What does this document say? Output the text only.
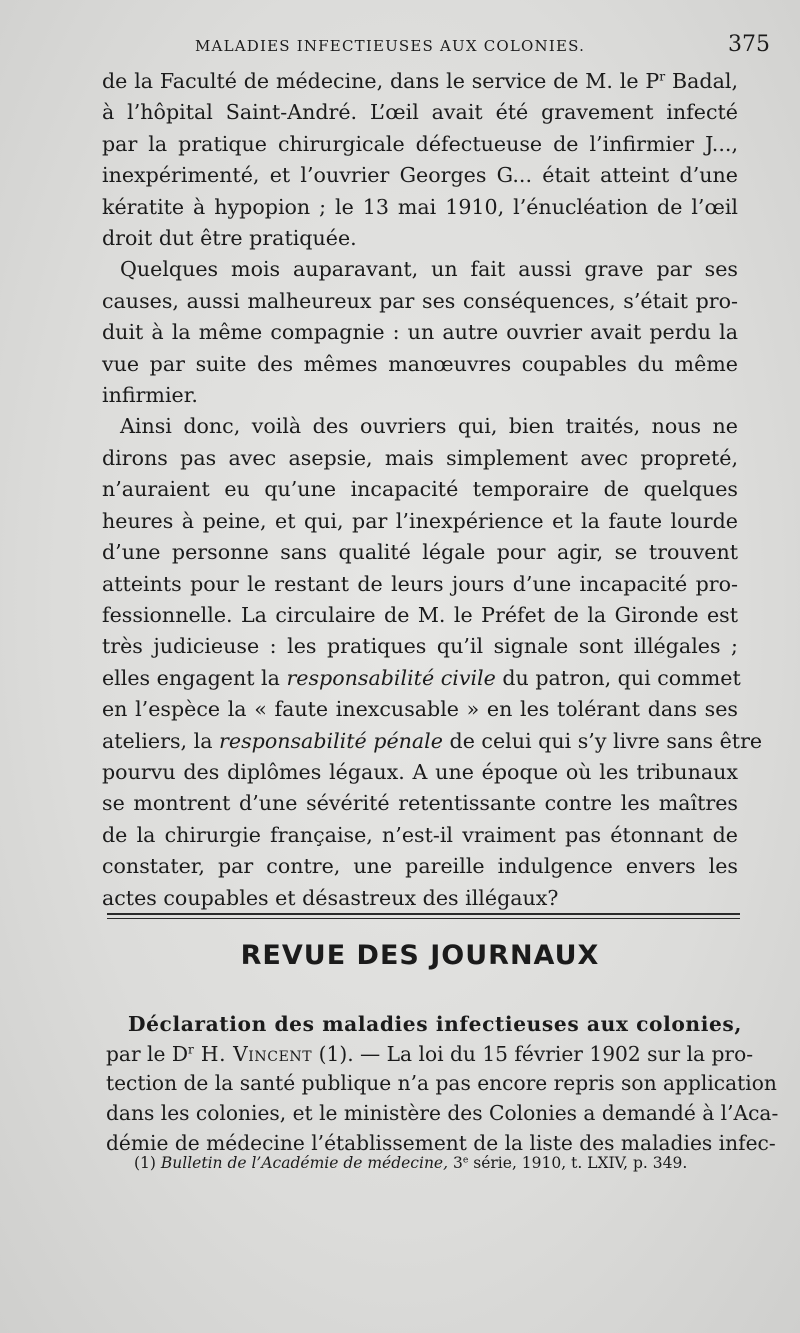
MALADIES INFECTIEUSES AUX COLONIES.	375

de la Faculté de médecine, dans le service de M. le $P^r$ Badal,
à l’hôpital Saint-André. L’œil avait été gravement infecté
par la pratique chirurgicale défectueuse de l’infirmier J...,
inexpérimenté, et l’ouvrier Georges G... était atteint d’une
kératite à hypopion ; le 13 mai 1910, l’énucléation de l’œil
droit dut être pratiquée.

Quelques mois auparavant, un fait aussi grave par ses
causes, aussi malheureux par ses conséquences, s’était pro-
duit à la même compagnie : un autre ouvrier avait perdu la
vue par suite des mêmes manœuvres coupables du même
infirmier.

Ainsi donc, voilà des ouvriers qui, bien traités, nous ne
dirons pas avec asepsie, mais simplement avec propreté,
n’auraient eu qu’une incapacité temporaire de quelques
heures à peine, et qui, par l’inexpérience et la faute lourde
d’une personne sans qualité légale pour agir, se trouvent
atteints pour le restant de leurs jours d’une incapacité pro-
fessionnelle. La circulaire de M. le Préfet de la Gironde est
très judicieuse : les pratiques qu’il signale sont illégales ;
elles engagent la responsabilité civile du patron, qui commet
en l’espèce la « faute inexcusable » en les tolérant dans ses
ateliers, la responsabilité pénale de celui qui s’y livre sans être
pourvu des diplômes légaux. A une époque où les tribunaux
se montrent d’une sévérité retentissante contre les maîtres
de la chirurgie française, n’est-il vraiment pas étonnant de
constater, par contre, une pareille indulgence envers les
actes coupables et désastreux des illégaux?

REVUE DES JOURNAUX
Déclaration des maladies infectieuses aux colonies,
par le $D^r$ H. Vincent (1). — La loi du 15 février 1902 sur la pro-
tection de la santé publique n’a pas encore repris son application
dans les colonies, et le ministère des Colonies a demandé à l’Aca-
démie de médecine l’établissement de la liste des maladies infec-
(1) Bulletin de l’Académie de médecine, 3e série, 1910, t. LXIV, p. 349.
